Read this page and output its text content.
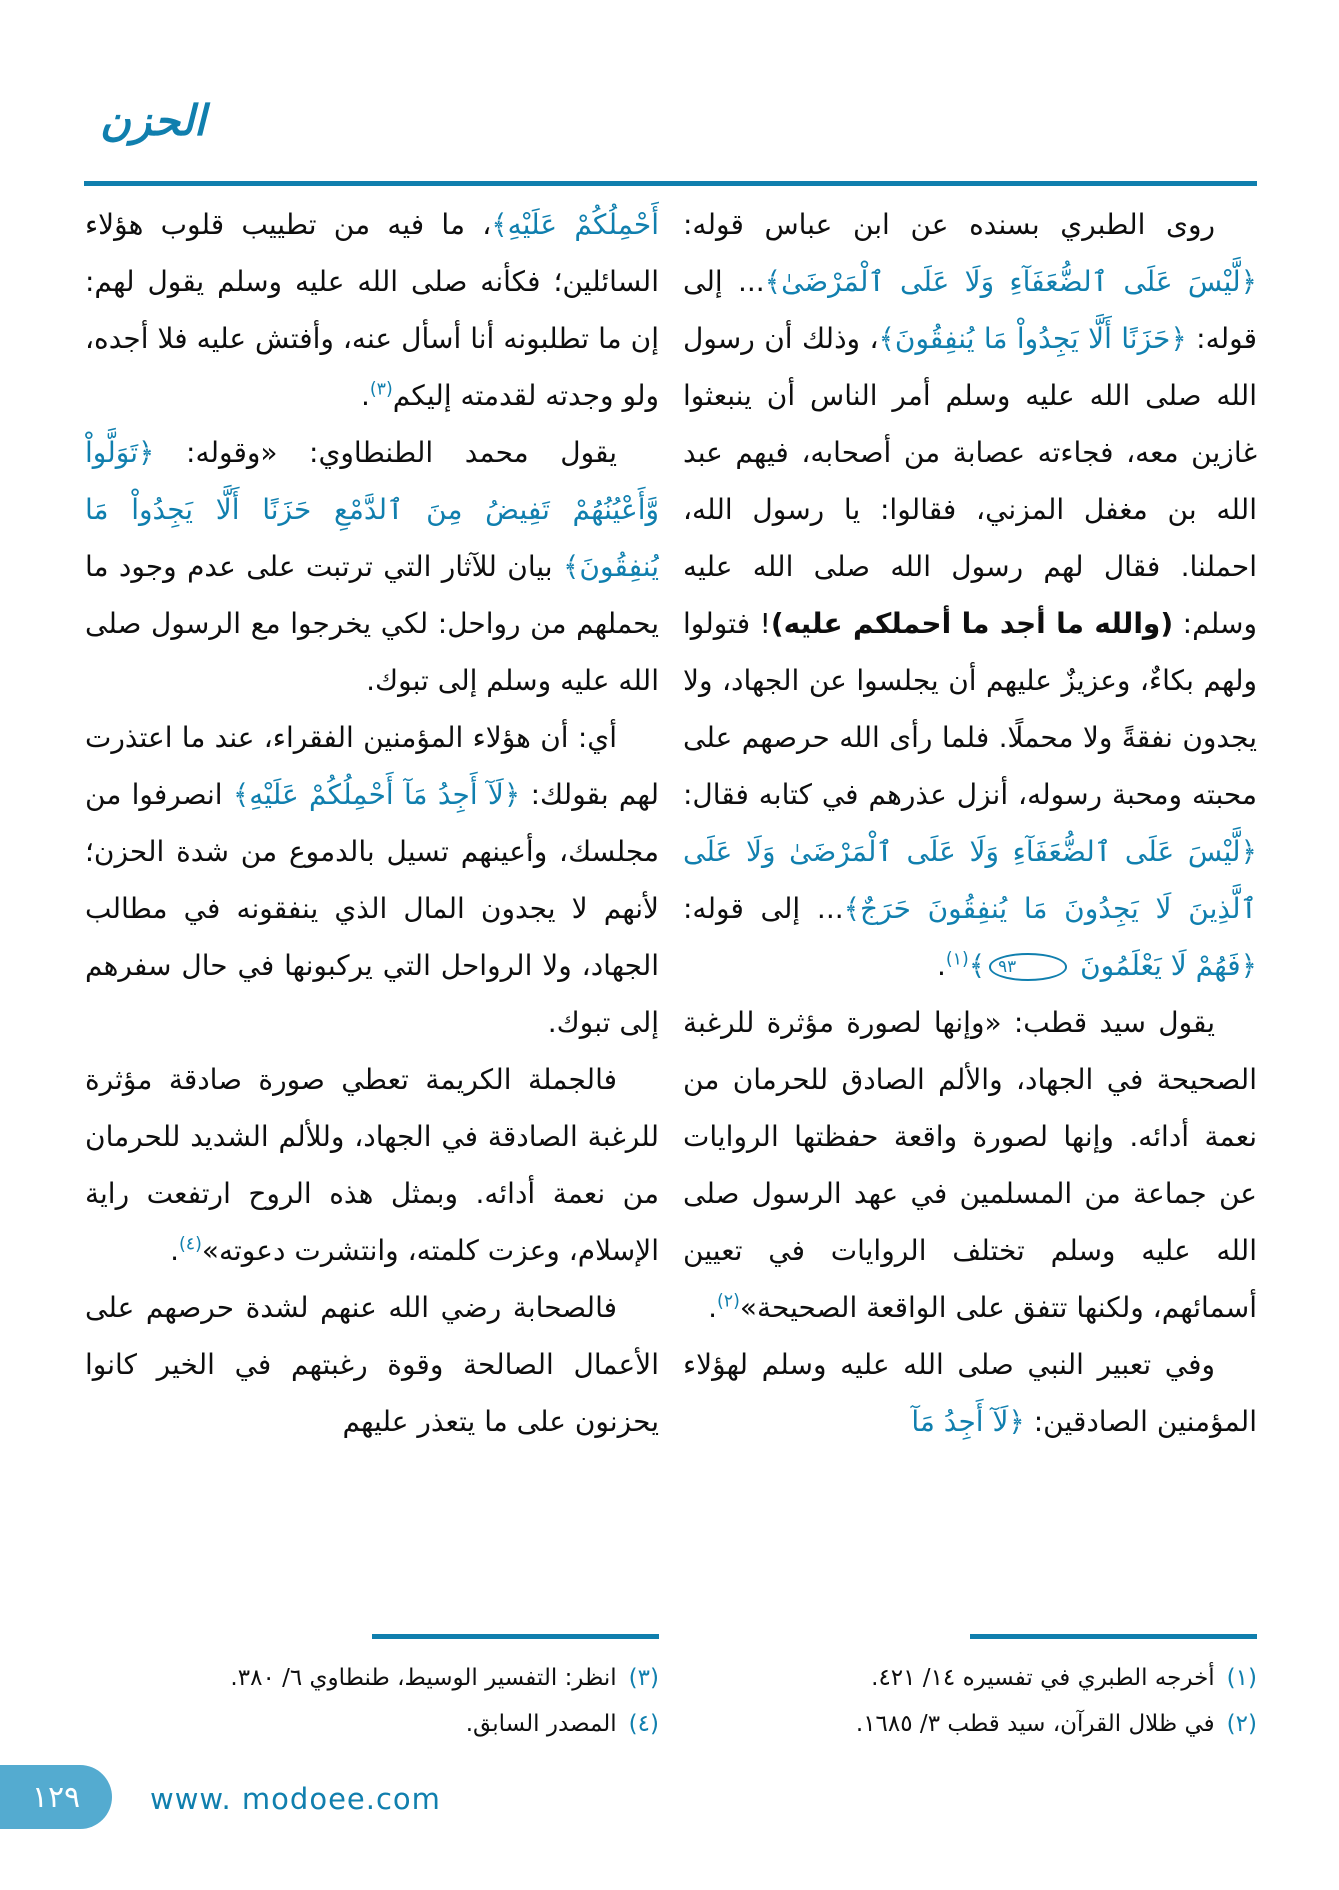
الحزن

روى الطبري بسنده عن ابن عباس قوله: ﴿لَّيْسَ عَلَى ٱلضُّعَفَآءِ وَلَا عَلَى ٱلْمَرْضَىٰ﴾... إلى قوله: ﴿حَزَنًا أَلَّا يَجِدُواْ مَا يُنفِقُونَ﴾، وذلك أن رسول الله صلى الله عليه وسلم أمر الناس أن ينبعثوا غازين معه، فجاءته عصابة من أصحابه، فيهم عبد الله بن مغفل المزني، فقالوا: يا رسول الله، احملنا. فقال لهم رسول الله صلى الله عليه وسلم: (والله ما أجد ما أحملكم عليه)! فتولوا ولهم بكاءٌ، وعزيزٌ عليهم أن يجلسوا عن الجهاد، ولا يجدون نفقةً ولا محملًا. فلما رأى الله حرصهم على محبته ومحبة رسوله، أنزل عذرهم في كتابه فقال: ﴿لَّيْسَ عَلَى ٱلضُّعَفَآءِ وَلَا عَلَى ٱلْمَرْضَىٰ وَلَا عَلَى ٱلَّذِينَ لَا يَجِدُونَ مَا يُنفِقُونَ حَرَجٌ﴾... إلى قوله: ﴿فَهُمْ لَا يَعْلَمُونَ ٩٣﴾$^{(١)}$.

يقول سيد قطب: «وإنها لصورة مؤثرة للرغبة الصحيحة في الجهاد، والألم الصادق للحرمان من نعمة أدائه. وإنها لصورة واقعة حفظتها الروايات عن جماعة من المسلمين في عهد الرسول صلى الله عليه وسلم تختلف الروايات في تعيين أسمائهم، ولكنها تتفق على الواقعة الصحيحة»$^{(٢)}$.

وفي تعبير النبي صلى الله عليه وسلم لهؤلاء المؤمنين الصادقين: ﴿لَآ أَجِدُ مَآ

أَحْمِلُكُمْ عَلَيْهِ﴾، ما فيه من تطييب قلوب هؤلاء السائلين؛ فكأنه صلى الله عليه وسلم يقول لهم: إن ما تطلبونه أنا أسأل عنه، وأفتش عليه فلا أجده، ولو وجدته لقدمته إليكم$^{(٣)}$.

يقول محمد الطنطاوي: «وقوله: ﴿تَوَلَّواْ وَّأَعْيُنُهُمْ تَفِيضُ مِنَ ٱلدَّمْعِ حَزَنًا أَلَّا يَجِدُواْ مَا يُنفِقُونَ﴾ بيان للآثار التي ترتبت على عدم وجود ما يحملهم من رواحل: لكي يخرجوا مع الرسول صلى الله عليه وسلم إلى تبوك.

أي: أن هؤلاء المؤمنين الفقراء، عند ما اعتذرت لهم بقولك: ﴿لَآ أَجِدُ مَآ أَحْمِلُكُمْ عَلَيْهِ﴾ انصرفوا من مجلسك، وأعينهم تسيل بالدموع من شدة الحزن؛ لأنهم لا يجدون المال الذي ينفقونه في مطالب الجهاد، ولا الرواحل التي يركبونها في حال سفرهم إلى تبوك.

فالجملة الكريمة تعطي صورة صادقة مؤثرة للرغبة الصادقة في الجهاد، وللألم الشديد للحرمان من نعمة أدائه. وبمثل هذه الروح ارتفعت راية الإسلام، وعزت كلمته، وانتشرت دعوته»$^{(٤)}$.

فالصحابة رضي الله عنهم لشدة حرصهم على الأعمال الصالحة وقوة رغبتهم في الخير كانوا يحزنون على ما يتعذر عليهم

(١)
أخرجه الطبري في تفسيره ١٤/ ٤٢١.
(٢)
في ظلال القرآن، سيد قطب ٣/ ١٦٨٥.
(٣)
انظر: التفسير الوسيط، طنطاوي ٦/ ٣٨٠.
(٤)
المصدر السابق.
١٢٩ www. modoee.com
